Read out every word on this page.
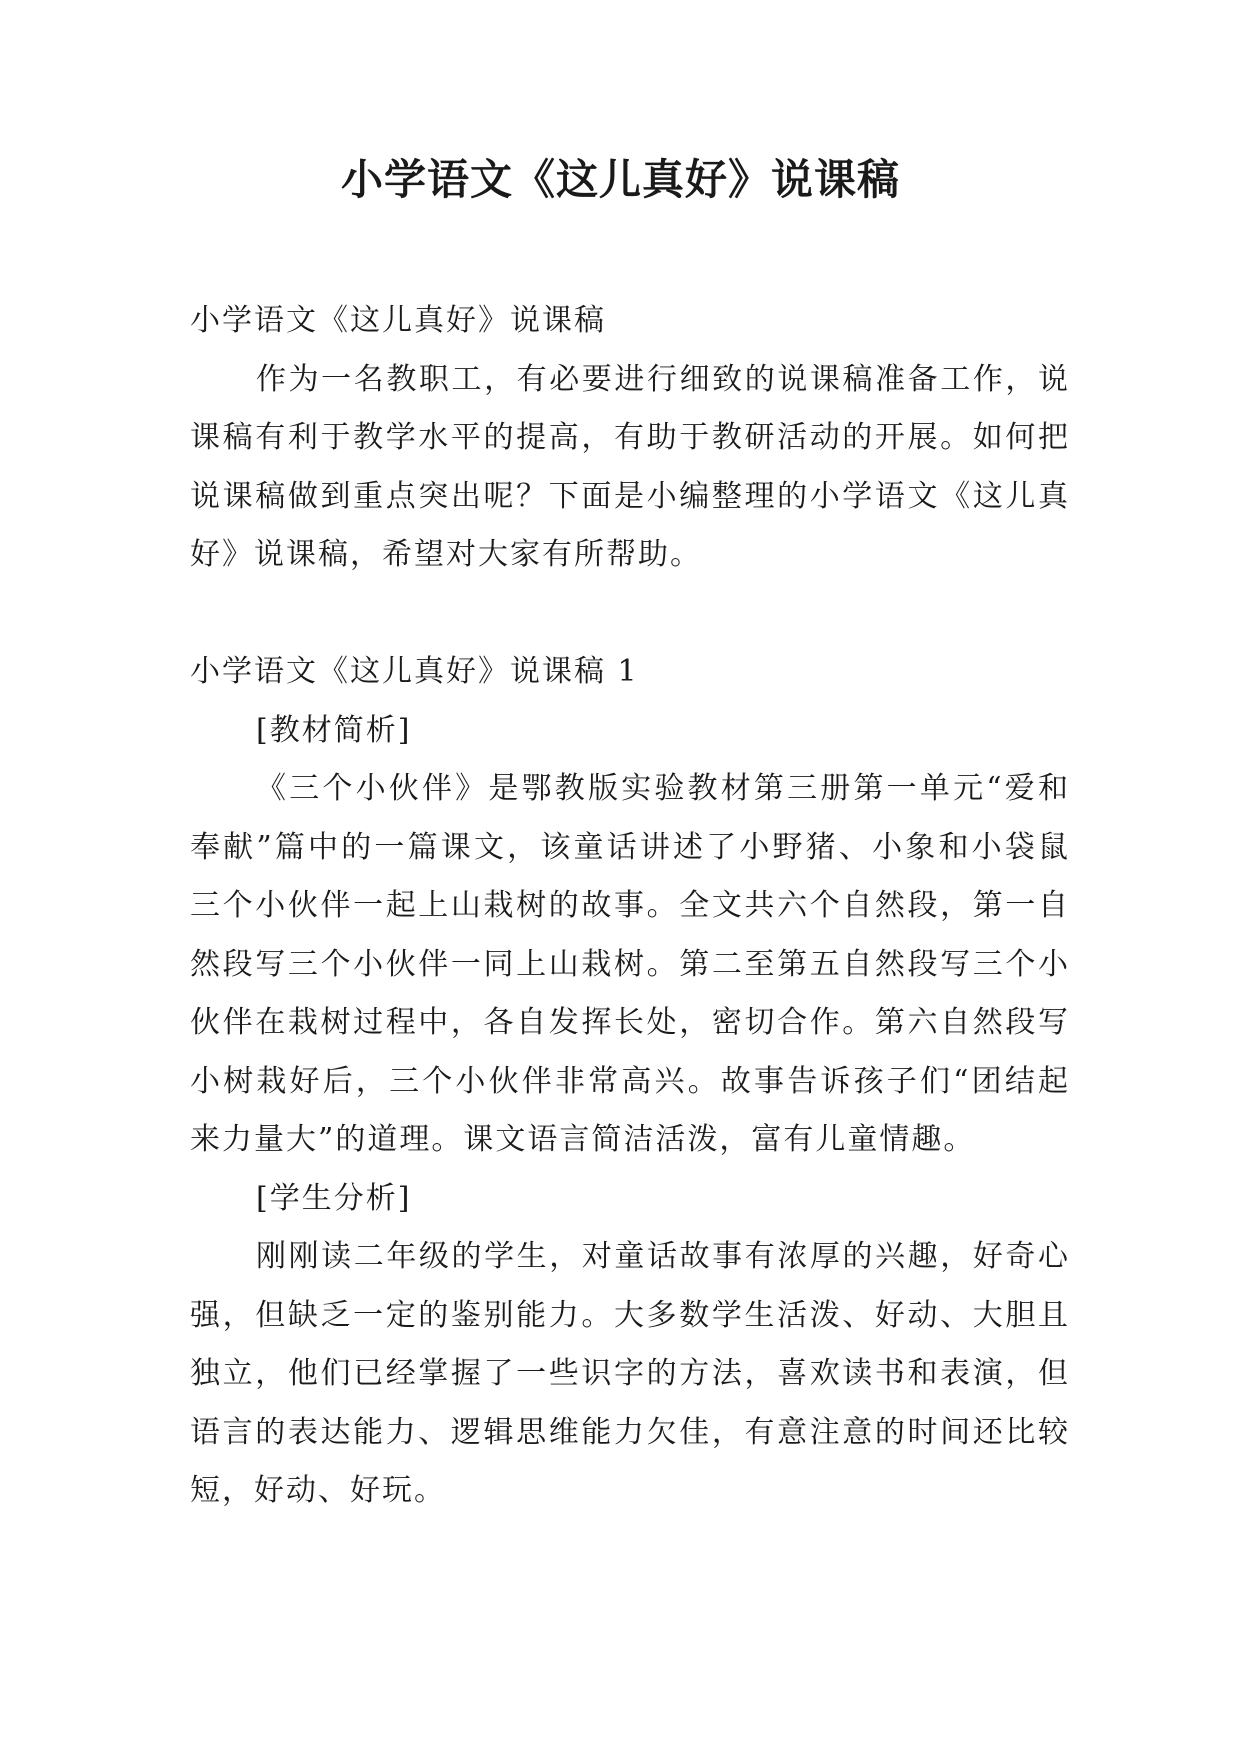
小学语文《这儿真好》说课稿

小学语文《这儿真好》说课稿

作为一名教职工，有必要进行细致的说课稿准备工作，说课稿有利于教学水平的提高，有助于教研活动的开展。如何把说课稿做到重点突出呢？下面是小编整理的小学语文《这儿真好》说课稿，希望对大家有所帮助。

小学语文《这儿真好》说课稿 1

[教材简析]

《三个小伙伴》是鄂教版实验教材第三册第一单元“爱和奉献”篇中的一篇课文，该童话讲述了小野猪、小象和小袋鼠三个小伙伴一起上山栽树的故事。全文共六个自然段，第一自然段写三个小伙伴一同上山栽树。第二至第五自然段写三个小伙伴在栽树过程中，各自发挥长处，密切合作。第六自然段写小树栽好后，三个小伙伴非常高兴。故事告诉孩子们“团结起来力量大”的道理。课文语言简洁活泼，富有儿童情趣。

[学生分析]

刚刚读二年级的学生，对童话故事有浓厚的兴趣，好奇心强，但缺乏一定的鉴别能力。大多数学生活泼、好动、大胆且独立，他们已经掌握了一些识字的方法，喜欢读书和表演，但语言的表达能力、逻辑思维能力欠佳，有意注意的时间还比较短，好动、好玩。
